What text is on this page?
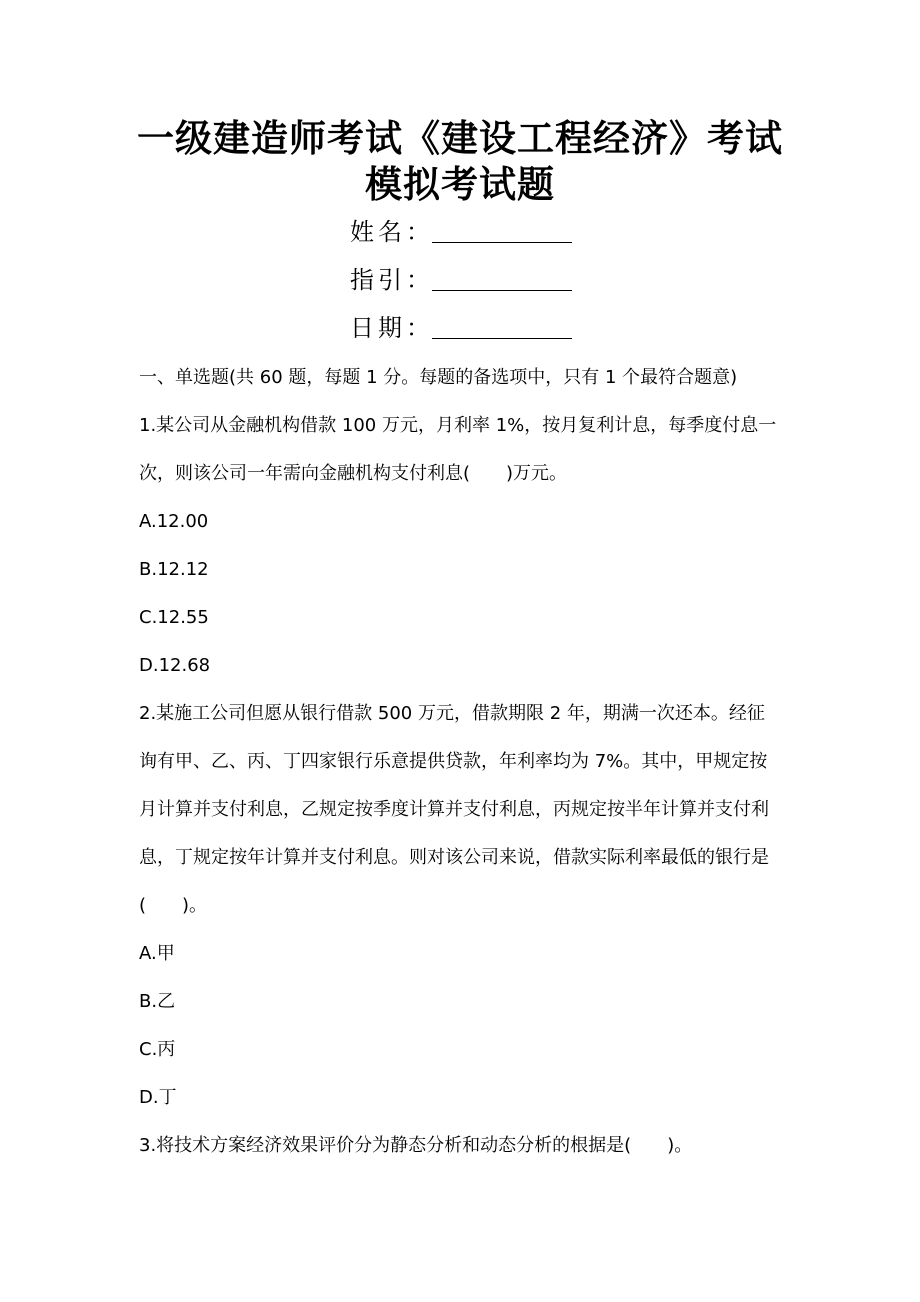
一级建造师考试《建设工程经济》考试
模拟考试题
姓名：
指引：
日期：
一、单选题(共 60 题，每题 1 分。每题的备选项中，只有 1 个最符合题意)
1.某公司从金融机构借款 100 万元，月利率 1%，按月复利计息，每季度付息一
次，则该公司一年需向金融机构支付利息(　　)万元。
A.12.00
B.12.12
C.12.55
D.12.68
2.某施工公司但愿从银行借款 500 万元，借款期限 2 年，期满一次还本。经征
询有甲、乙、丙、丁四家银行乐意提供贷款，年利率均为 7%。其中，甲规定按
月计算并支付利息，乙规定按季度计算并支付利息，丙规定按半年计算并支付利
息，丁规定按年计算并支付利息。则对该公司来说，借款实际利率最低的银行是
(　　)。
A.甲
B.乙
C.丙
D.丁
3.将技术方案经济效果评价分为静态分析和动态分析的根据是(　　)。
